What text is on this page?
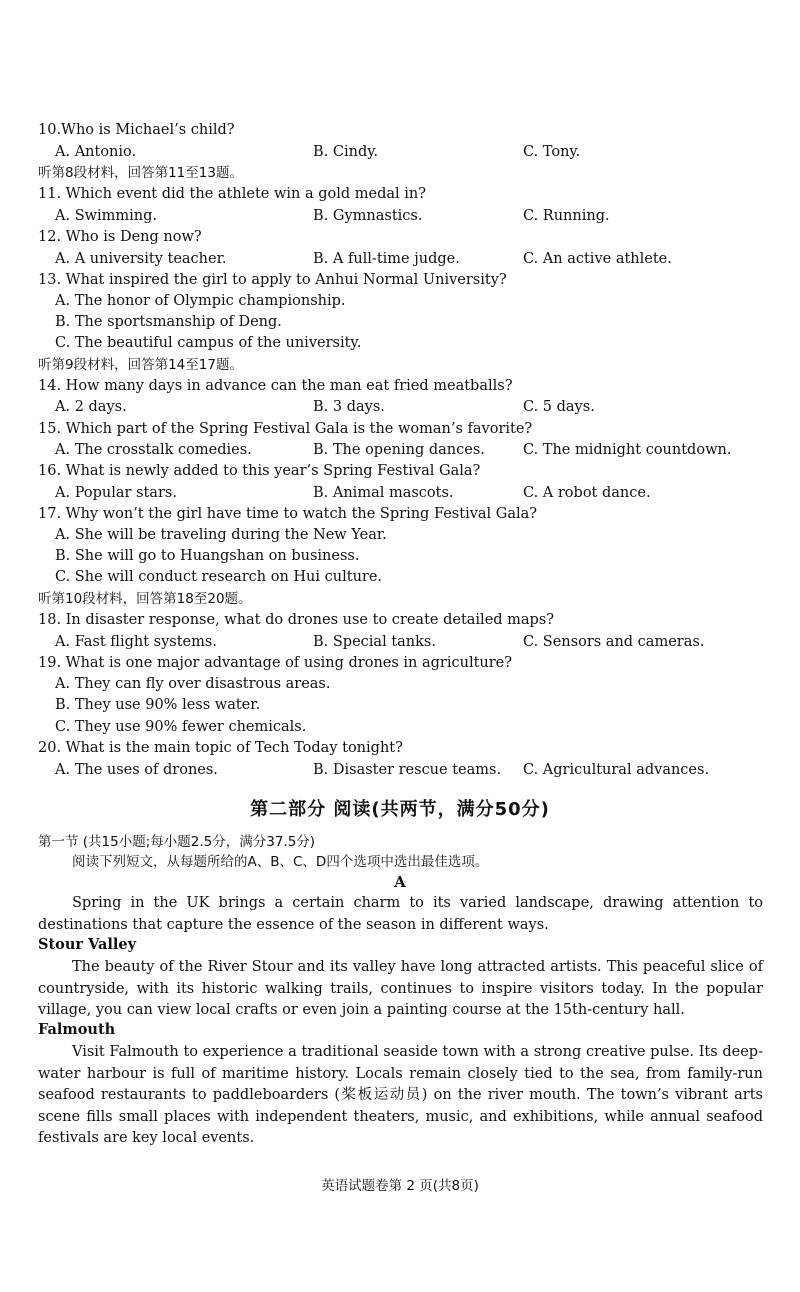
10.Who is Michael’s child?
A. Antonio.	B. Cindy.	C. Tony.
听第8段材料，回答第11至13题。
11. Which event did the athlete win a gold medal in?
A. Swimming.	B. Gymnastics.	C. Running.
12. Who is Deng now?
A. A university teacher.	B. A full-time judge.	C. An active athlete.
13. What inspired the girl to apply to Anhui Normal University?
A. The honor of Olympic championship.
B. The sportsmanship of Deng.
C. The beautiful campus of the university.
听第9段材料，回答第14至17题。
14. How many days in advance can the man eat fried meatballs?
A. 2 days.	B. 3 days.	C. 5 days.
15. Which part of the Spring Festival Gala is the woman’s favorite?
A. The crosstalk comedies.	B. The opening dances.	C. The midnight countdown.
16. What is newly added to this year’s Spring Festival Gala?
A. Popular stars.	B. Animal mascots.	C. A robot dance.
17. Why won’t the girl have time to watch the Spring Festival Gala?
A. She will be traveling during the New Year.
B. She will go to Huangshan on business.
C. She will conduct research on Hui culture.
听第10段材料，回答第18至20题。
18. In disaster response, what do drones use to create detailed maps?
A. Fast flight systems.	B. Special tanks.	C. Sensors and cameras.
19. What is one major advantage of using drones in agriculture?
A. They can fly over disastrous areas.
B. They use 90% less water.
C. They use 90% fewer chemicals.
20. What is the main topic of Tech Today tonight?
A. The uses of drones.	B. Disaster rescue teams. C. Agricultural advances.
第二部分 阅读(共两节，满分50分)
第一节 (共15小题;每小题2.5分，满分37.5分)
阅读下列短文，从每题所给的A、B、C、D四个选项中选出最佳选项。
A
Spring in the UK brings a certain charm to its varied landscape, drawing attention to destinations that capture the essence of the season in different ways.
Stour Valley
The beauty of the River Stour and its valley have long attracted artists. This peaceful slice of countryside, with its historic walking trails, continues to inspire visitors today. In the popular village, you can view local crafts or even join a painting course at the 15th-century hall.
Falmouth
Visit Falmouth to experience a traditional seaside town with a strong creative pulse. Its deep-water harbour is full of maritime history. Locals remain closely tied to the sea, from family-run seafood restaurants to paddleboarders (桨板运动员) on the river mouth. The town’s vibrant arts scene fills small places with independent theaters, music, and exhibitions, while annual seafood festivals are key local events.
英语试题卷第 2 页(共8页)
